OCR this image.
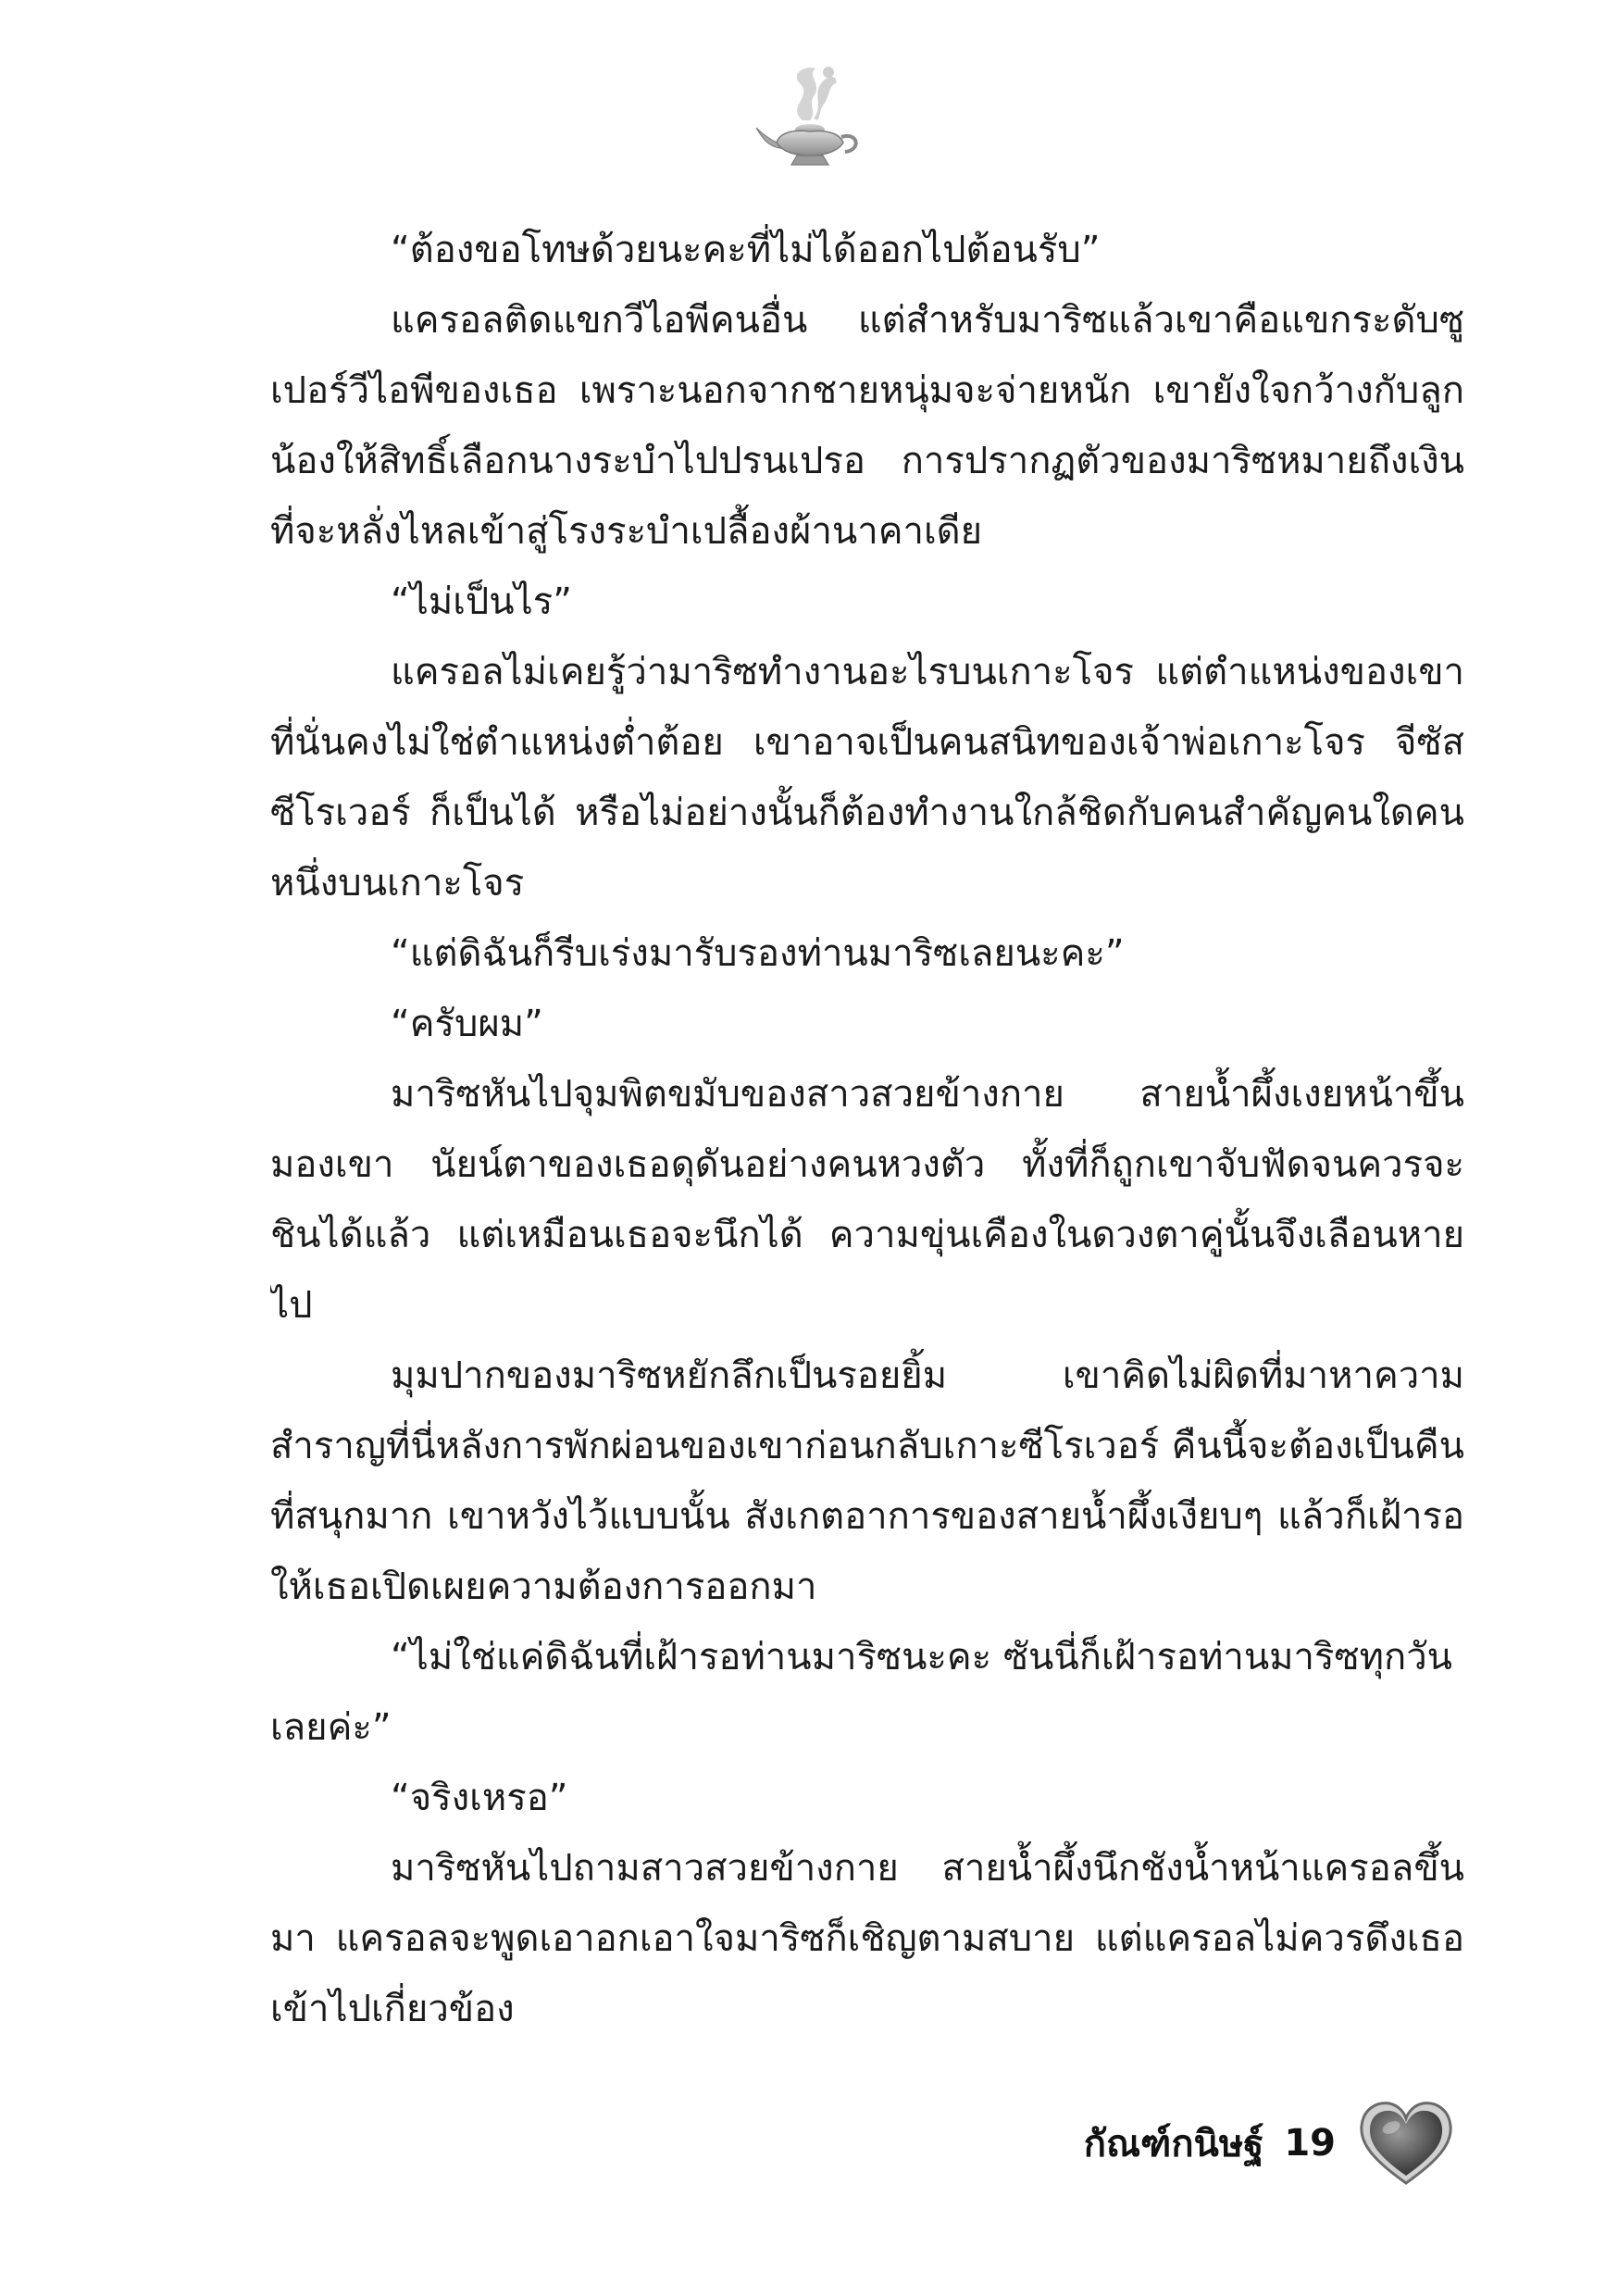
“ต้องขอโทษด้วยนะคะที่ไม่ได้ออกไปต้อนรับ”

แครอลติดแขกวีไอพีคนอื่น แต่สำหรับมาริซแล้วเขาคือแขกระดับซูเปอร์วีไอพีของเธอ เพราะนอกจากชายหนุ่มจะจ่ายหนัก เขายังใจกว้างกับลูกน้องให้สิทธิ์เลือกนางระบำไปปรนเปรอ การปรากฏตัวของมาริซหมายถึงเงินที่จะหลั่งไหลเข้าสู่โรงระบำเปลื้องผ้านาคาเดีย

“ไม่เป็นไร”

แครอลไม่เคยรู้ว่ามาริซทำงานอะไรบนเกาะโจร แต่ตำแหน่งของเขาที่นั่นคงไม่ใช่ตำแหน่งต่ำต้อย เขาอาจเป็นคนสนิทของเจ้าพ่อเกาะโจร จีซัส ซีโรเวอร์ ก็เป็นได้ หรือไม่อย่างนั้นก็ต้องทำงานใกล้ชิดกับคนสำคัญคนใดคนหนึ่งบนเกาะโจร

“แต่ดิฉันก็รีบเร่งมารับรองท่านมาริซเลยนะคะ”

“ครับผม”

มาริซหันไปจุมพิตขมับของสาวสวยข้างกาย สายน้ำผึ้งเงยหน้าขึ้นมองเขา นัยน์ตาของเธอดุดันอย่างคนหวงตัว ทั้งที่ก็ถูกเขาจับฟัดจนควรจะชินได้แล้ว แต่เหมือนเธอจะนึกได้ ความขุ่นเคืองในดวงตาคู่นั้นจึงเลือนหายไป

มุมปากของมาริซหยักลึกเป็นรอยยิ้ม เขาคิดไม่ผิดที่มาหาความสำราญที่นี่หลังการพักผ่อนของเขาก่อนกลับเกาะซีโรเวอร์ คืนนี้จะต้องเป็นคืนที่สนุกมาก เขาหวังไว้แบบนั้น สังเกตอาการของสายน้ำผึ้งเงียบๆ แล้วก็เฝ้ารอให้เธอเปิดเผยความต้องการออกมา

“ไม่ใช่แค่ดิฉันที่เฝ้ารอท่านมาริซนะคะ ซันนี่ก็เฝ้ารอท่านมาริซทุกวันเลยค่ะ”

“จริงเหรอ”

มาริซหันไปถามสาวสวยข้างกาย สายน้ำผึ้งนึกชังน้ำหน้าแครอลขึ้นมา แครอลจะพูดเอาอกเอาใจมาริซก็เชิญตามสบาย แต่แครอลไม่ควรดึงเธอเข้าไปเกี่ยวข้อง

กัณฑ์กนิษฐ์ 19
